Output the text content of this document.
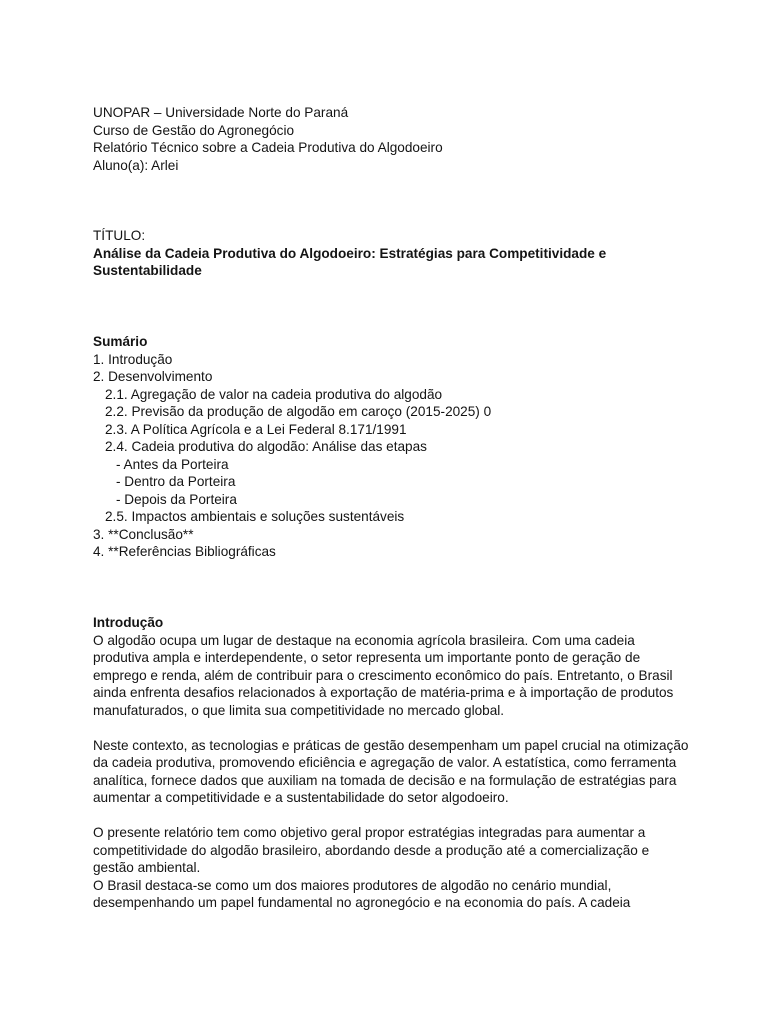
UNOPAR – Universidade Norte do Paraná
Curso de Gestão do Agronegócio
Relatório Técnico sobre a Cadeia Produtiva do Algodoeiro
Aluno(a): Arlei
TÍTULO:
Análise da Cadeia Produtiva do Algodoeiro: Estratégias para Competitividade e Sustentabilidade
Sumário
1. Introdução
2. Desenvolvimento
2.1. Agregação de valor na cadeia produtiva do algodão
2.2. Previsão da produção de algodão em caroço (2015-2025) 0
2.3. A Política Agrícola e a Lei Federal 8.171/1991
2.4. Cadeia produtiva do algodão: Análise das etapas
- Antes da Porteira
- Dentro da Porteira
- Depois da Porteira
2.5. Impactos ambientais e soluções sustentáveis
3. **Conclusão**
4. **Referências Bibliográficas
Introdução
O algodão ocupa um lugar de destaque na economia agrícola brasileira. Com uma cadeia produtiva ampla e interdependente, o setor representa um importante ponto de geração de emprego e renda, além de contribuir para o crescimento econômico do país. Entretanto, o Brasil ainda enfrenta desafios relacionados à exportação de matéria-prima e à importação de produtos manufaturados, o que limita sua competitividade no mercado global.
Neste contexto, as tecnologias e práticas de gestão desempenham um papel crucial na otimização da cadeia produtiva, promovendo eficiência e agregação de valor. A estatística, como ferramenta analítica, fornece dados que auxiliam na tomada de decisão e na formulação de estratégias para aumentar a competitividade e a sustentabilidade do setor algodoeiro.
O presente relatório tem como objetivo geral propor estratégias integradas para aumentar a competitividade do algodão brasileiro, abordando desde a produção até a comercialização e gestão ambiental.
O Brasil destaca-se como um dos maiores produtores de algodão no cenário mundial, desempenhando um papel fundamental no agronegócio e na economia do país. A cadeia
